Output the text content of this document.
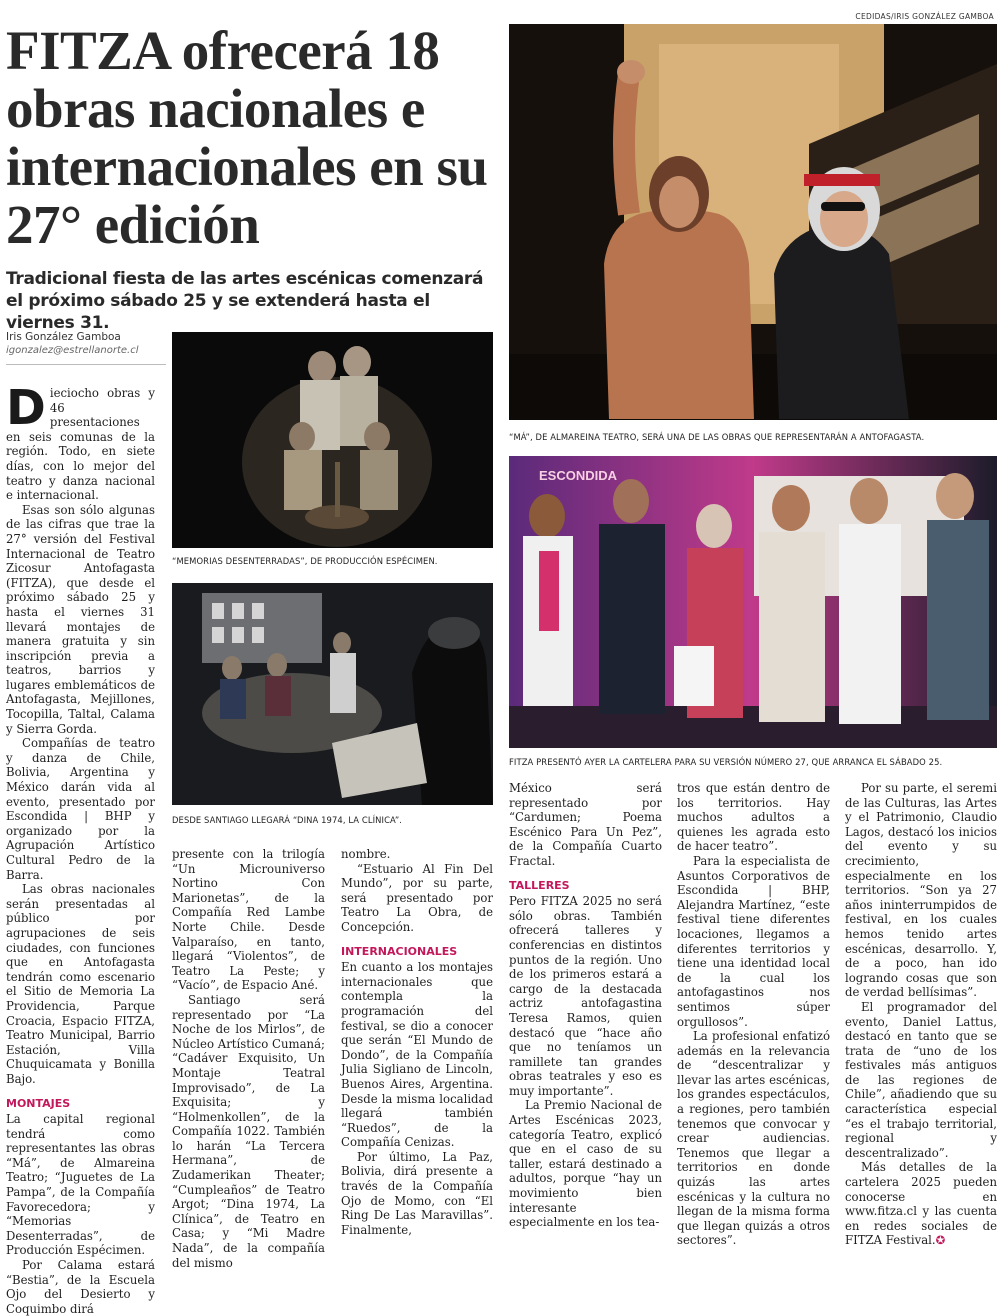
FITZA ofrecerá 18 obras nacionales e internacionales en su 27° edición
Tradicional fiesta de las artes escénicas comenzará el próximo sábado 25 y se extenderá hasta el viernes 31.
Iris González Gamboa
igonzalez@estrellanorte.cl
CEDIDAS/IRIS GONZÁLEZ GAMBOA
“MÁ”, DE ALMAREINA TEATRO, SERÁ UNA DE LAS OBRAS QUE REPRESENTARÁN A ANTOFAGASTA.
“MEMORIAS DESENTERRADAS”, DE PRODUCCIÓN ESPÉCIMEN.
DESDE SANTIAGO LLEGARÁ “DINA 1974, LA CLÍNICA”.
ESCONDIDA
FITZA PRESENTÓ AYER LA CARTELERA PARA SU VERSIÓN NÚMERO 27, QUE ARRANCA EL SÁBADO 25.

Dieciocho obras y 46 presentaciones en seis comunas de la región. Todo, en siete días, con lo mejor del teatro y danza nacional e internacional.

Esas son sólo algunas de las cifras que trae la 27° versión del Festival Internacional de Teatro Zicosur Antofagasta (FITZA), que desde el próximo sábado 25 y hasta el viernes 31 llevará montajes de manera gratuita y sin inscripción previa a teatros, barrios y lugares emblemáticos de Antofagasta, Mejillones, Tocopilla, Taltal, Calama y Sierra Gorda.

Compañías de teatro y danza de Chile, Bolivia, Argentina y México darán vida al evento, presentado por Escondida | BHP y organizado por la Agrupación Artístico Cultural Pedro de la Barra.

Las obras nacionales serán presentadas al público por agrupaciones de seis ciudades, con funciones que en Antofagasta tendrán como escenario el Sitio de Memoria La Providencia, Parque Croacia, Espacio FITZA, Teatro Municipal, Barrio Estación, Villa Chuquicamata y Bonilla Bajo.

MONTAJES

La capital regional tendrá como representantes las obras “Má”, de Almareina Teatro; “Juguetes de La Pampa”, de la Compañía Favorecedora; y “Memorias Desenterradas”, de Producción Espécimen.

Por Calama estará “Bestia”, de la Escuela Ojo del Desierto y Coquimbo dirá

presente con la trilogía “Un Microuniverso Nortino Con Marionetas”, de la Compañía Red Lambe Norte Chile. Desde Valparaíso, en tanto, llegará “Violentos”, de Teatro La Peste; y “Vacío”, de Espacio Ané.

Santiago será representado por “La Noche de los Mirlos”, de Núcleo Artístico Cumaná; “Cadáver Exquisito, Un Montaje Teatral Improvisado”, de La Exquisita; y “Holmenkollen”, de la Compañía 1022. También lo harán “La Tercera Hermana”, de Zudamerikan Theater; “Cumpleaños” de Teatro Argot; “Dina 1974, La Clínica”, de Teatro en Casa; y “Mi Madre Nada”, de la compañía del mismo

nombre.

“Estuario Al Fin Del Mundo”, por su parte, será presentado por Teatro La Obra, de Concepción.

INTERNACIONALES

En cuanto a los montajes internacionales que contempla la programación del festival, se dio a conocer que serán “El Mundo de Dondo”, de la Compañía Julia Sigliano de Lincoln, Buenos Aires, Argentina. Desde la misma localidad llegará también “Ruedos”, de la Compañía Cenizas.

Por último, La Paz, Bolivia, dirá presente a través de la Compañía Ojo de Momo, con “El Ring De Las Maravillas”. Finalmente,

México será representado por “Cardumen; Poema Escénico Para Un Pez”, de la Compañía Cuarto Fractal.

TALLERES

Pero FITZA 2025 no será sólo obras. También ofrecerá talleres y conferencias en distintos puntos de la región. Uno de los primeros estará a cargo de la destacada actriz antofagastina Teresa Ramos, quien destacó que “hace año que no teníamos un ramillete tan grandes obras teatrales y eso es muy importante”.

La Premio Nacional de Artes Escénicas 2023, categoría Teatro, explicó que en el caso de su taller, estará destinado a adultos, porque “hay un movimiento bien interesante especialmente en los tea-

tros que están dentro de los territorios. Hay muchos adultos a quienes les agrada esto de hacer teatro”.

Para la especialista de Asuntos Corporativos de Escondida | BHP, Alejandra Martínez, “este festival tiene diferentes locaciones, llegamos a diferentes territorios y tiene una identidad local de la cual los antofagastinos nos sentimos súper orgullosos”.

La profesional enfatizó además en la relevancia de “descentralizar y llevar las artes escénicas, los grandes espectáculos, a regiones, pero también tenemos que convocar y crear audiencias. Tenemos que llegar a territorios en donde quizás las artes escénicas y la cultura no llegan de la misma forma que llegan quizás a otros sectores”.

Por su parte, el seremi de las Culturas, las Artes y el Patrimonio, Claudio Lagos, destacó los inicios del evento y su crecimiento, especialmente en los territorios. “Son ya 27 años ininterrumpidos de festival, en los cuales hemos tenido artes escénicas, desarrollo. Y, de a poco, han ido logrando cosas que son de verdad bellísimas”.

El programador del evento, Daniel Lattus, destacó en tanto que se trata de “uno de los festivales más antiguos de las regiones de Chile”, añadiendo que su característica especial “es el trabajo territorial, regional y descentralizado”.

Más detalles de la cartelera 2025 pueden conocerse en www.fitza.cl y las cuenta en redes sociales de FITZA Festival.✪
